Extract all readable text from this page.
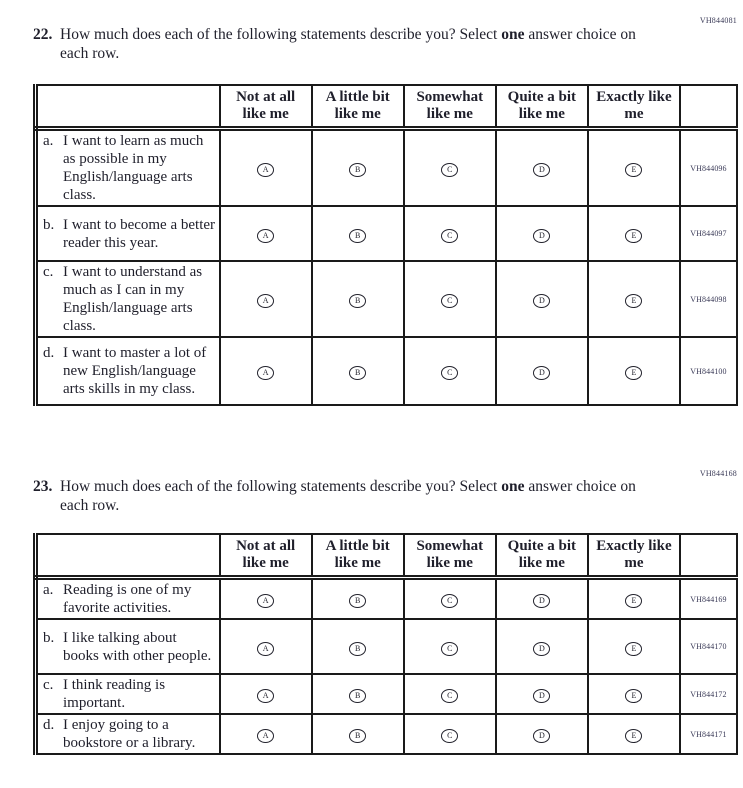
VH844081
22. How much does each of the following statements describe you? Select one answer choice on each row.
	Not at all like me	A little bit like me	Somewhat like me	Quite a bit like me	Exactly like me	

a. I want to learn as much as possible in my English/language arts class.	A	B	C	D	E	VH844096

b. I want to become a better reader this year.	A	B	C	D	E	VH844097

c. I want to understand as much as I can in my English/language arts class.	A	B	C	D	E	VH844098

d. I want to master a lot of new English/language arts skills in my class.	A	B	C	D	E	VH844100
VH844168
23. How much does each of the following statements describe you? Select one answer choice on each row.
	Not at all like me	A little bit like me	Somewhat like me	Quite a bit like me	Exactly like me	

a. Reading is one of my favorite activities.	A	B	C	D	E	VH844169

b. I like talking about books with other people.	A	B	C	D	E	VH844170

c. I think reading is important.	A	B	C	D	E	VH844172

d. I enjoy going to a bookstore or a library.	A	B	C	D	E	VH844171
